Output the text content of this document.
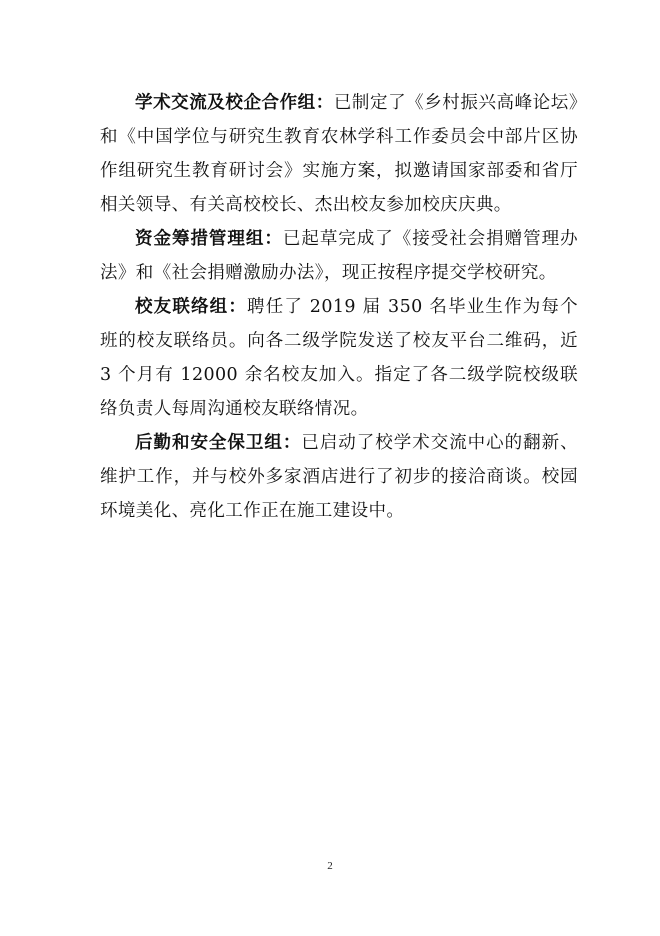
学术交流及校企合作组：已制定了《乡村振兴高峰论坛》和《中国学位与研究生教育农林学科工作委员会中部片区协作组研究生教育研讨会》实施方案，拟邀请国家部委和省厅相关领导、有关高校校长、杰出校友参加校庆庆典。

资金筹措管理组：已起草完成了《接受社会捐赠管理办法》和《社会捐赠激励办法》，现正按程序提交学校研究。

校友联络组：聘任了 2019 届 350 名毕业生作为每个班的校友联络员。向各二级学院发送了校友平台二维码，近 3 个月有 12000 余名校友加入。指定了各二级学院校级联络负责人每周沟通校友联络情况。

后勤和安全保卫组：已启动了校学术交流中心的翻新、维护工作，并与校外多家酒店进行了初步的接洽商谈。校园环境美化、亮化工作正在施工建设中。

2
